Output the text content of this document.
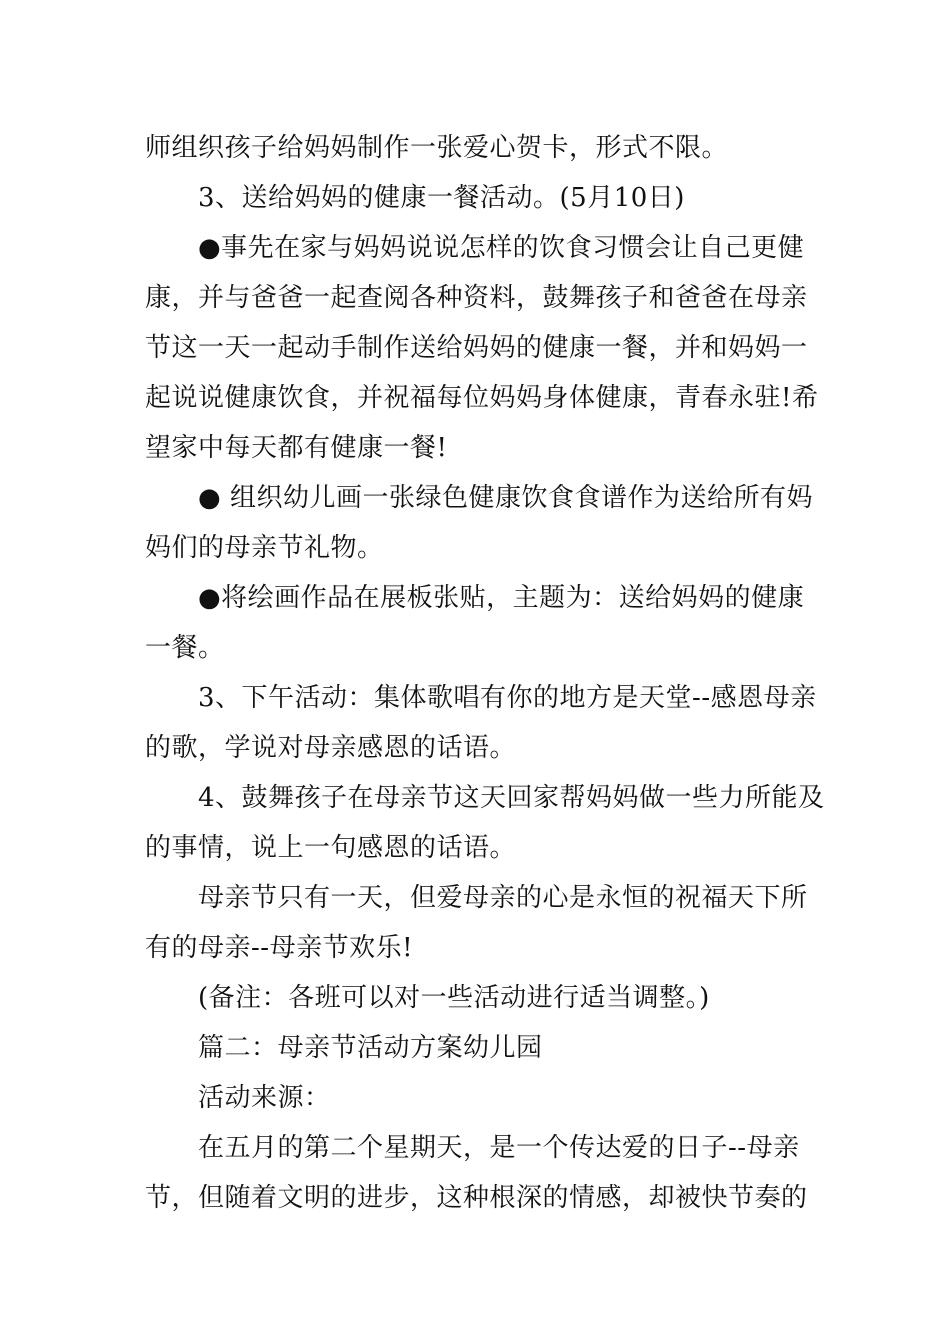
师组织孩子给妈妈制作一张爱心贺卡，形式不限。
3、送给妈妈的健康一餐活动。(5月10日)
●事先在家与妈妈说说怎样的饮食习惯会让自己更健
康，并与爸爸一起查阅各种资料，鼓舞孩子和爸爸在母亲
节这一天一起动手制作送给妈妈的健康一餐，并和妈妈一
起说说健康饮食，并祝福每位妈妈身体健康，青春永驻!希
望家中每天都有健康一餐!
● 组织幼儿画一张绿色健康饮食食谱作为送给所有妈
妈们的母亲节礼物。
●将绘画作品在展板张贴，主题为：送给妈妈的健康
一餐。
3、下午活动：集体歌唱有你的地方是天堂--感恩母亲
的歌，学说对母亲感恩的话语。
4、鼓舞孩子在母亲节这天回家帮妈妈做一些力所能及
的事情，说上一句感恩的话语。
母亲节只有一天，但爱母亲的心是永恒的祝福天下所
有的母亲--母亲节欢乐!
(备注：各班可以对一些活动进行适当调整。)
篇二：母亲节活动方案幼儿园
活动来源：
在五月的第二个星期天，是一个传达爱的日子--母亲
节，但随着文明的进步，这种根深的情感，却被快节奏的
